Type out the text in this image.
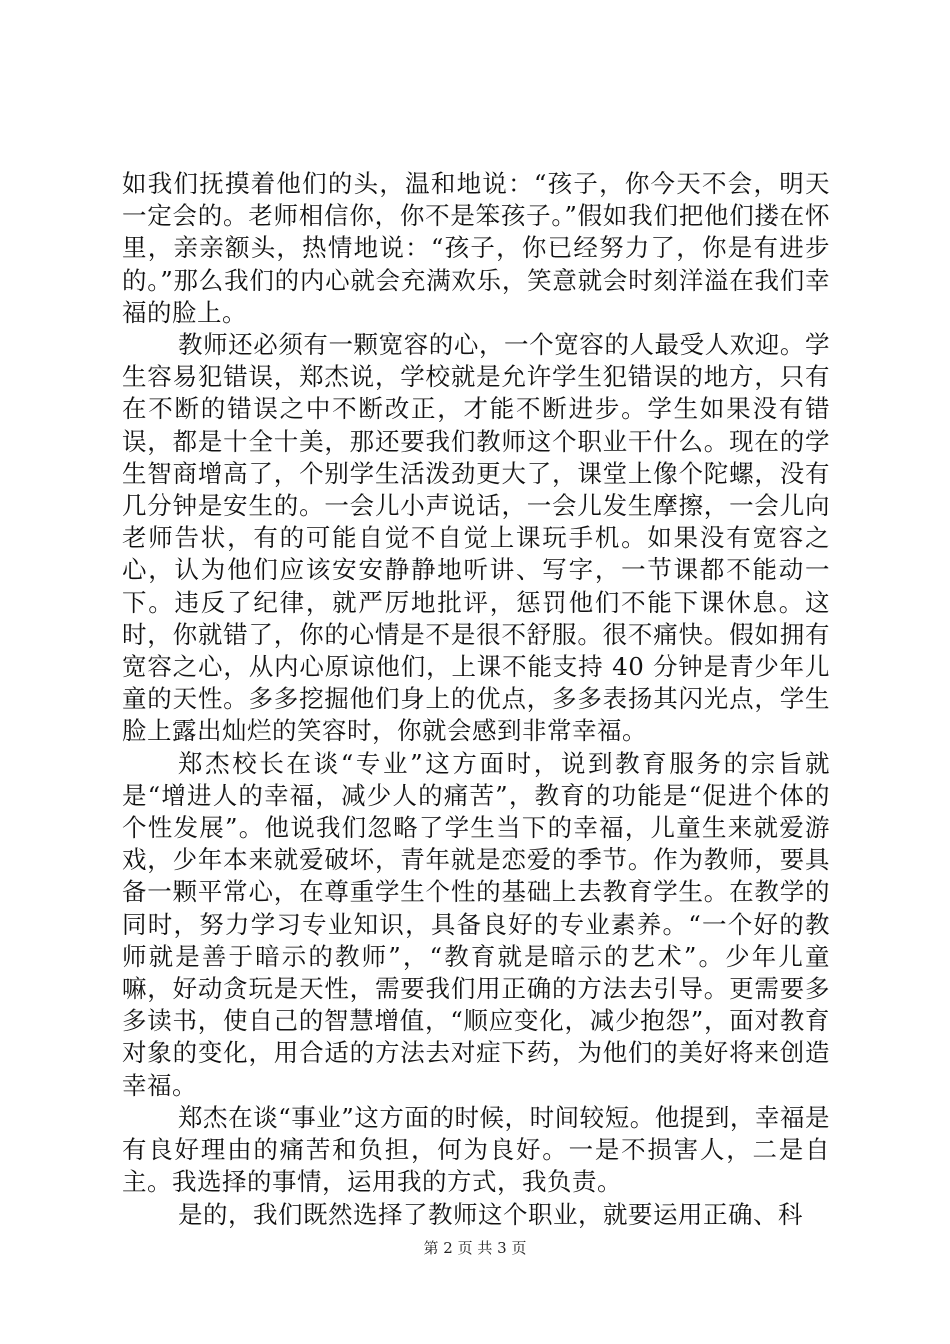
如我们抚摸着他们的头，温和地说：“孩子，你今天不会，明天一定会的。老师相信你，你不是笨孩子。”假如我们把他们搂在怀里，亲亲额头，热情地说：“孩子，你已经努力了，你是有进步的。”那么我们的内心就会充满欢乐，笑意就会时刻洋溢在我们幸福的脸上。

教师还必须有一颗宽容的心，一个宽容的人最受人欢迎。学生容易犯错误，郑杰说，学校就是允许学生犯错误的地方，只有在不断的错误之中不断改正，才能不断进步。学生如果没有错误，都是十全十美，那还要我们教师这个职业干什么。现在的学生智商增高了，个别学生活泼劲更大了，课堂上像个陀螺，没有几分钟是安生的。一会儿小声说话，一会儿发生摩擦，一会儿向老师告状，有的可能自觉不自觉上课玩手机。如果没有宽容之心，认为他们应该安安静静地听讲、写字，一节课都不能动一下。违反了纪律，就严厉地批评，惩罚他们不能下课休息。这时，你就错了，你的心情是不是很不舒服。很不痛快。假如拥有宽容之心，从内心原谅他们，上课不能支持 40 分钟是青少年儿童的天性。多多挖掘他们身上的优点，多多表扬其闪光点，学生脸上露出灿烂的笑容时，你就会感到非常幸福。

郑杰校长在谈“专业”这方面时，说到教育服务的宗旨就是“增进人的幸福，减少人的痛苦”，教育的功能是“促进个体的个性发展”。他说我们忽略了学生当下的幸福，儿童生来就爱游戏，少年本来就爱破坏，青年就是恋爱的季节。作为教师，要具备一颗平常心，在尊重学生个性的基础上去教育学生。在教学的同时，努力学习专业知识，具备良好的专业素养。“一个好的教师就是善于暗示的教师”，“教育就是暗示的艺术”。少年儿童嘛，好动贪玩是天性，需要我们用正确的方法去引导。更需要多多读书，使自己的智慧增值，“顺应变化，减少抱怨”，面对教育对象的变化，用合适的方法去对症下药，为他们的美好将来创造幸福。

郑杰在谈“事业”这方面的时候，时间较短。他提到，幸福是有良好理由的痛苦和负担，何为良好。一是不损害人，二是自主。我选择的事情，运用我的方式，我负责。

是的，我们既然选择了教师这个职业，就要运用正确、科

第 2 页 共 3 页
